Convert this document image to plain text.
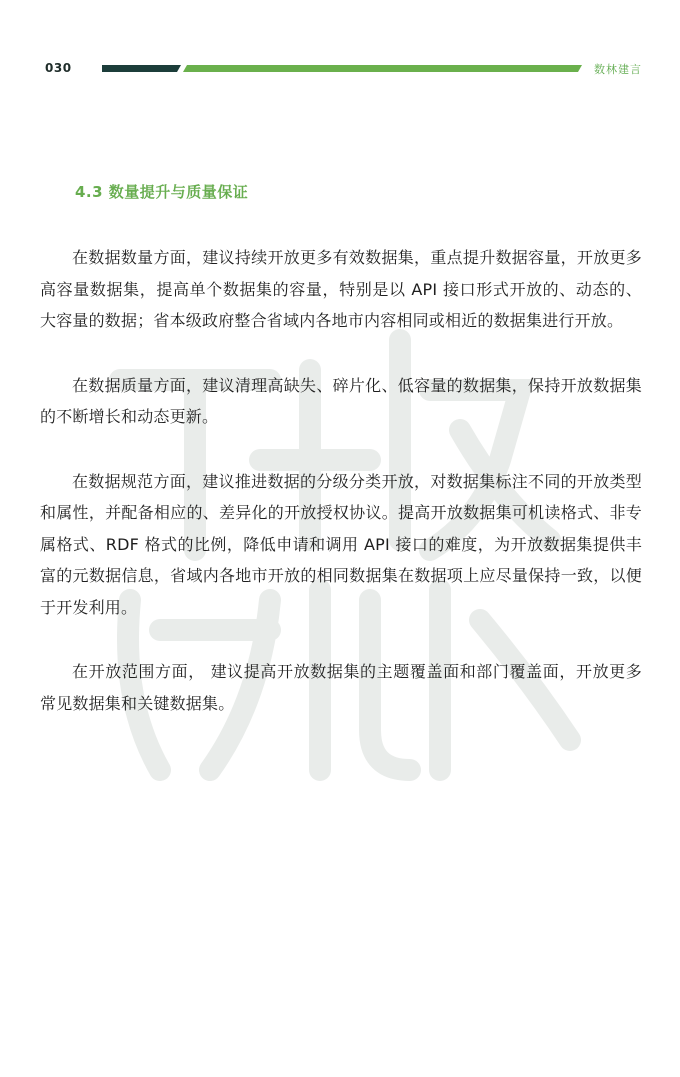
030	数林建言
4.3 数量提升与质量保证

在数据数量方面，建议持续开放更多有效数据集，重点提升数据容量，开放更多高容量数据集，提高单个数据集的容量，特别是以 API 接口形式开放的、动态的、大容量的数据；省本级政府整合省域内各地市内容相同或相近的数据集进行开放。

在数据质量方面，建议清理高缺失、碎片化、低容量的数据集，保持开放数据集的不断增长和动态更新。

在数据规范方面，建议推进数据的分级分类开放，对数据集标注不同的开放类型和属性，并配备相应的、差异化的开放授权协议。提高开放数据集可机读格式、非专属格式、RDF 格式的比例，降低申请和调用 API 接口的难度，为开放数据集提供丰富的元数据信息，省域内各地市开放的相同数据集在数据项上应尽量保持一致，以便于开发利用。

在开放范围方面， 建议提高开放数据集的主题覆盖面和部门覆盖面，开放更多常见数据集和关键数据集。
